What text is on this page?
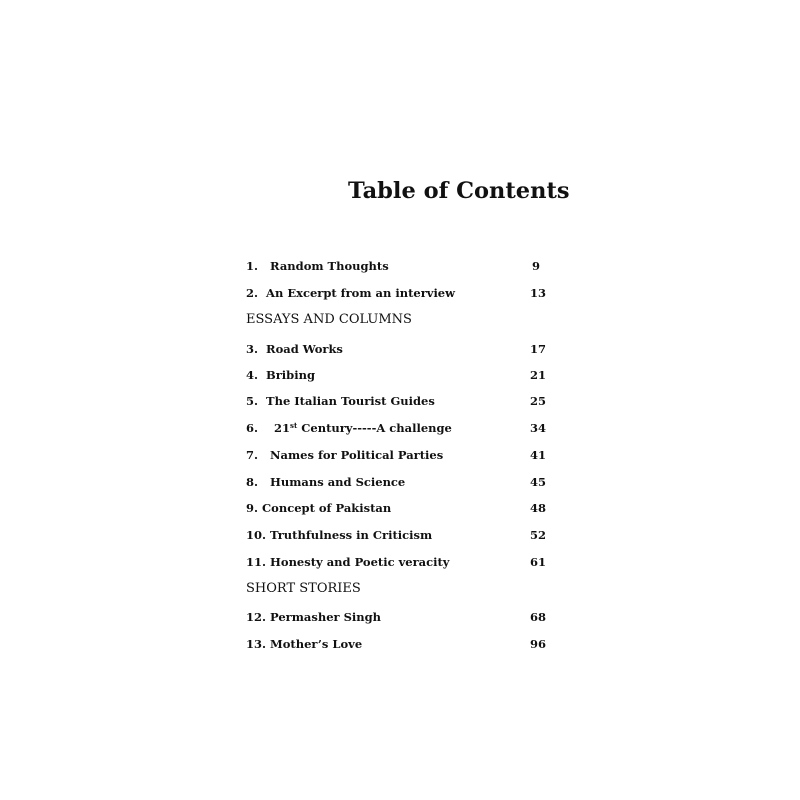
Table of Contents
1. Random Thoughts	9
2. An Excerpt from an interview	13
ESSAYS AND COLUMNS
3. Road Works	17
4. Bribing	21
5. The Italian Tourist Guides	25
6. 21st Century-----A challenge	34
7. Names for Political Parties	41
8. Humans and Science	45
9. Concept of Pakistan	48
10. Truthfulness in Criticism	52
11. Honesty and Poetic veracity	61
SHORT STORIES
12. Permasher Singh	68
13. Mother’s Love	96
